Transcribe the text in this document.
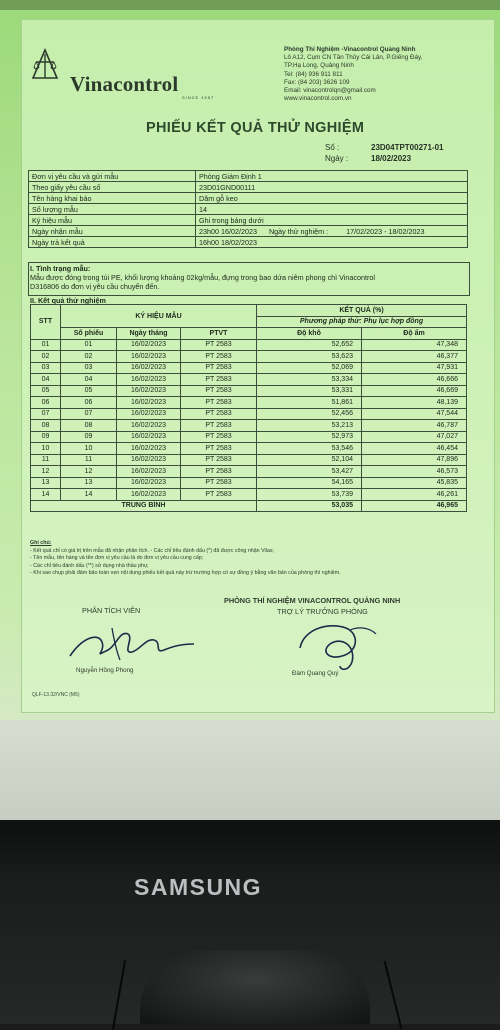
Vinacontrol
SINCE 1957
Phòng Thí Nghiệm -Vinacontrol Quảng Ninh
Lô A12, Cụm CN Tân Thủy Cái Lân, P.Giếng Đáy,
TP.Hạ Long, Quảng Ninh
Tel: (84) 936 911 811
Fax: (84 203) 3626 109
Email: vinacontrolqn@gmail.com
www.vinacontrol.com.vn
PHIẾU KẾT QUẢ THỬ NGHIỆM
Số :	23D04TPT00271-01
Ngày :	18/02/2023
Đơn vị yêu cầu và gửi mẫu	Phòng Giám Định 1
Theo giấy yêu cầu số	23D01GND00111
Tên hàng khai báo	Dăm gỗ keo
Số lượng mẫu	14
Ký hiệu mẫu	Ghi trong bảng dưới
Ngày nhận mẫu	23h00 16/02/2023 Ngày thử nghiệm : 17/02/2023 - 18/02/2023
Ngày trả kết quả	16h00 18/02/2023
I. Tình trạng mẫu:
Mẫu được đóng trong túi PE, khối lượng khoảng 02kg/mẫu, đựng trong bao dứa niêm phong chì Vinacontrol
D316806 do đơn vị yêu cầu chuyển đến.
II. Kết quả thử nghiệm
STT	KÝ HIỆU MẪU			KẾT QUẢ (%)	
				Phương pháp thử: Phụ lục hợp đồng	
	Số phiếu	Ngày tháng	PTVT	Độ khô	Độ ẩm
01	01	16/02/2023	PT 2583	52,652	47,348
02	02	16/02/2023	PT 2583	53,623	46,377
03	03	16/02/2023	PT 2583	52,069	47,931
04	04	16/02/2023	PT 2583	53,334	46,666
05	05	16/02/2023	PT 2583	53,331	46,669
06	06	16/02/2023	PT 2583	51,861	48,139
07	07	16/02/2023	PT 2583	52,456	47,544
08	08	16/02/2023	PT 2583	53,213	46,787
09	09	16/02/2023	PT 2583	52,973	47,027
10	10	16/02/2023	PT 2583	53,546	46,454
11	11	16/02/2023	PT 2583	52,104	47,896
12	12	16/02/2023	PT 2583	53,427	46,573
13	13	16/02/2023	PT 2583	54,165	45,835
14	14	16/02/2023	PT 2583	53,739	46,261
TRUNG BÌNH				53,035	46,965
Ghi chú:
- Kết quả chỉ có giá trị trên mẫu đã nhận phân tích. - Các chỉ tiêu đánh dấu (*) đã được công nhận Vilas;
- Tên mẫu, tên hàng và tên đơn vị yêu cầu là do đơn vị yêu cầu cung cấp;
- Các chỉ tiêu đánh dấu (**) sử dụng nhà thầu phụ;
- Khi sao chụp phải đảm bảo toàn vẹn nội dung phiếu kết quả này trừ trường hợp có sự đồng ý bằng văn bản của phòng thí nghiệm.
PHÒNG THÍ NGHIỆM VINACONTROL QUẢNG NINH
PHÂN TÍCH VIÊN	TRỢ LÝ TRƯỞNG PHÒNG
Nguyễn Hồng Phong	Đàm Quang Quý
QLF-13.32/VNC (M5)
SAMSUNG
